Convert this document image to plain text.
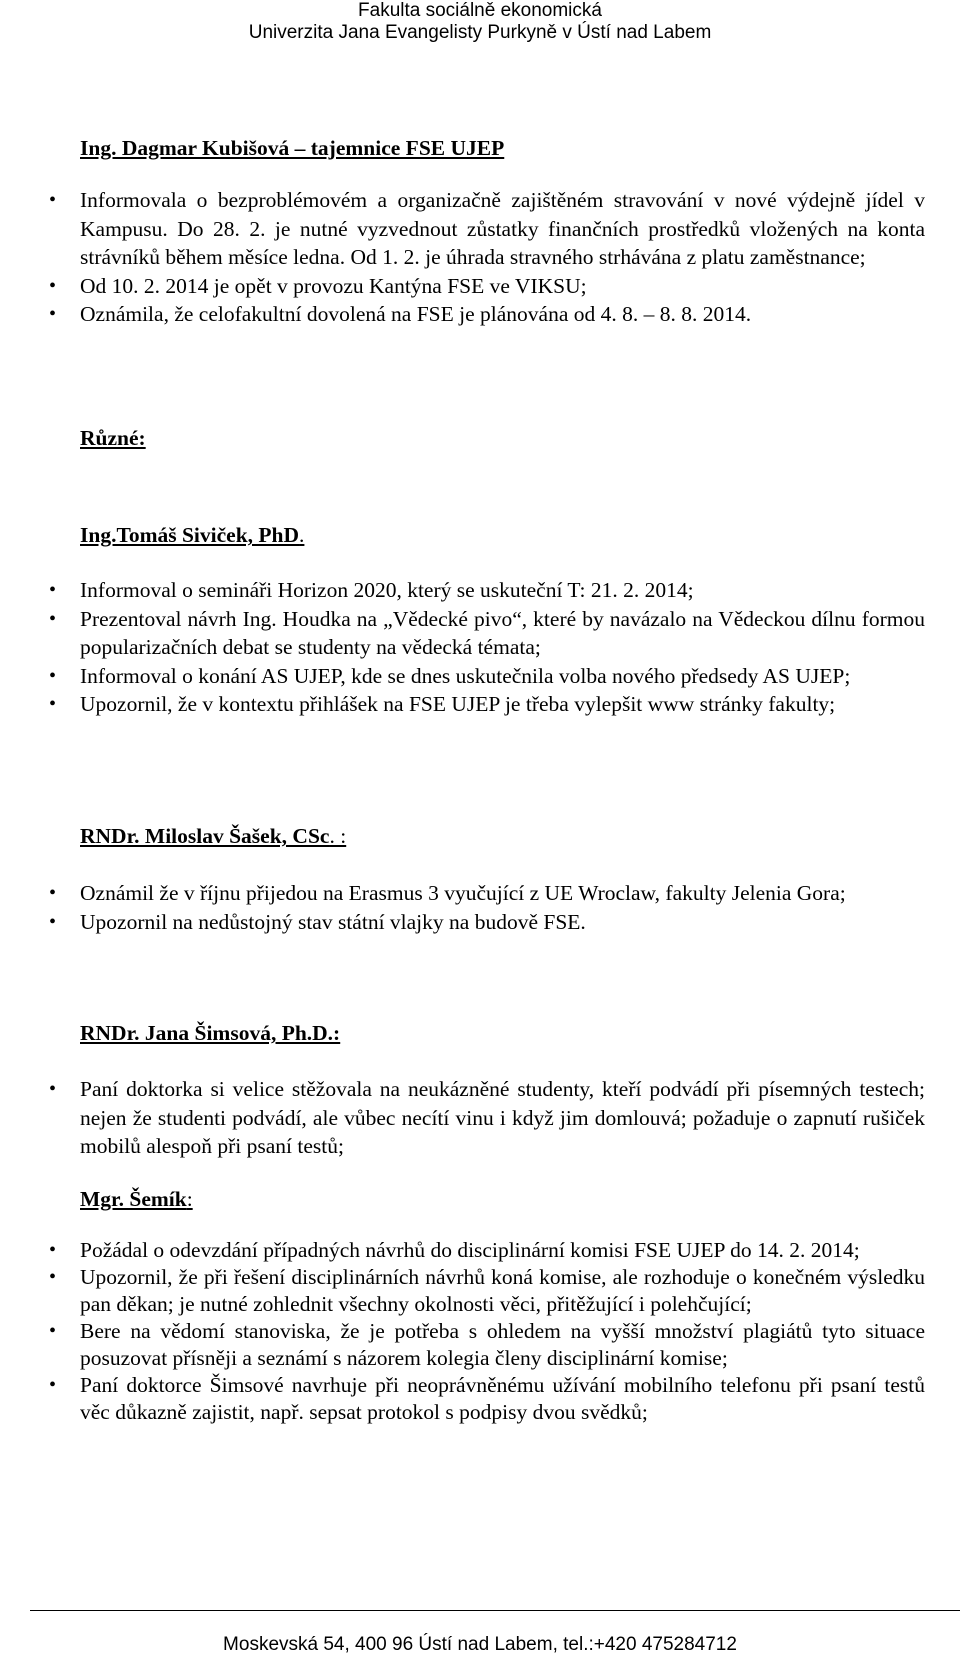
Fakulta sociálně ekonomická
Univerzita Jana Evangelisty Purkyně v Ústí nad Labem
Ing. Dagmar Kubišová – tajemnice FSE UJEP
• Informovala o bezproblémovém a organizačně zajištěném stravování v nové výdejně jídel v Kampusu. Do 28. 2. je nutné vyzvednout zůstatky finančních prostředků vložených na konta strávníků během měsíce ledna. Od 1. 2. je úhrada stravného strhávána z platu zaměstnance;
• Od 10. 2. 2014 je opět v provozu Kantýna FSE ve VIKSU;
• Oznámila, že celofakultní dovolená na FSE je plánována od 4. 8. – 8. 8. 2014.
Různé:
Ing.Tomáš Siviček, PhD.
• Informoval o semináři Horizon 2020, který se uskuteční T: 21. 2. 2014;
• Prezentoval návrh Ing. Houdka na „Vědecké pivo“, které by navázalo na Vědeckou dílnu formou popularizačních debat se studenty na vědecká témata;
• Informoval o konání AS UJEP, kde se dnes uskutečnila volba nového předsedy AS UJEP;
• Upozornil, že v kontextu přihlášek na FSE UJEP je třeba vylepšit www stránky fakulty;
RNDr. Miloslav Šašek, CSc. :
• Oznámil že v říjnu přijedou na Erasmus 3 vyučující z UE Wroclaw, fakulty Jelenia Gora;
• Upozornil na nedůstojný stav státní vlajky na budově FSE.
RNDr. Jana Šimsová, Ph.D.:
• Paní doktorka si velice stěžovala na neukázněné studenty, kteří podvádí při písemných testech; nejen že studenti podvádí, ale vůbec necítí vinu i když jim domlouvá; požaduje o zapnutí rušiček mobilů alespoň při psaní testů;
Mgr. Šemík:
• Požádal o odevzdání případných návrhů do disciplinární komisi FSE UJEP do 14. 2. 2014;
• Upozornil, že při řešení disciplinárních návrhů koná komise, ale rozhoduje o konečném výsledku pan děkan; je nutné zohlednit všechny okolnosti věci, přitěžující i polehčující;
• Bere na vědomí stanoviska, že je potřeba s ohledem na vyšší množství plagiátů tyto situace posuzovat přísněji a seznámí s názorem kolegia členy disciplinární komise;
• Paní doktorce Šimsové navrhuje při neoprávněnému užívání mobilního telefonu při psaní testů věc důkazně zajistit, např. sepsat protokol s podpisy dvou svědků;
Moskevská 54, 400 96 Ústí nad Labem, tel.:+420 475284712
